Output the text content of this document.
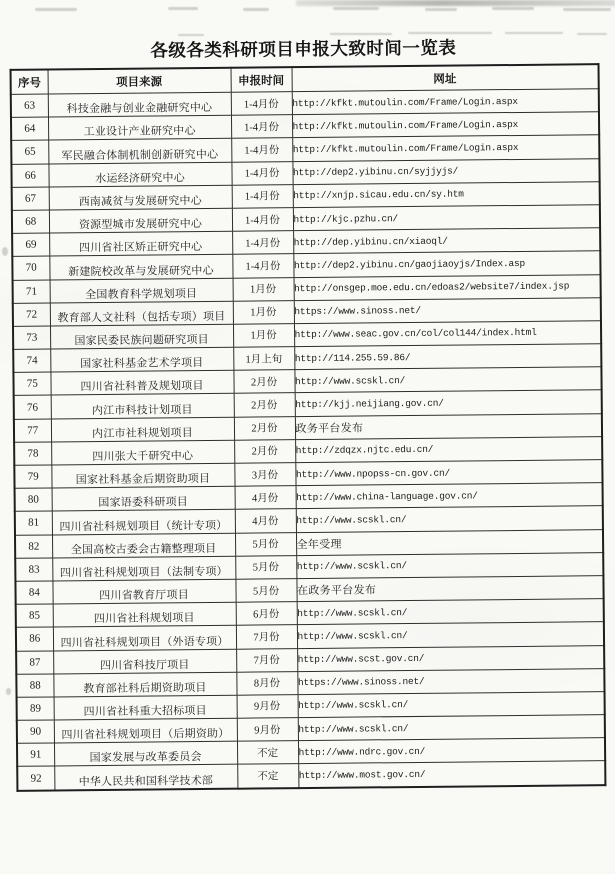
各级各类科研项目申报大致时间一览表
序号	项目来源	申报时间	网址
63	科技金融与创业金融研究中心	1-4月份	http://kfkt.mutoulin.com/Frame/Login.aspx
64	工业设计产业研究中心	1-4月份	http://kfkt.mutoulin.com/Frame/Login.aspx
65	军民融合体制机制创新研究中心	1-4月份	http://kfkt.mutoulin.com/Frame/Login.aspx
66	水运经济研究中心	1-4月份	http://dep2.yibinu.cn/syjjyjs/
67	西南减贫与发展研究中心	1-4月份	http://xnjp.sicau.edu.cn/sy.htm
68	资源型城市发展研究中心	1-4月份	http://kjc.pzhu.cn/
69	四川省社区矫正研究中心	1-4月份	http://dep.yibinu.cn/xiaoql/
70	新建院校改革与发展研究中心	1-4月份	http://dep2.yibinu.cn/gaojiaoyjs/Index.asp
71	全国教育科学规划项目	1月份	http://onsgep.moe.edu.cn/edoas2/website7/index.jsp
72	教育部人文社科（包括专项）项目	1月份	https://www.sinoss.net/
73	国家民委民族问题研究项目	1月份	http://www.seac.gov.cn/col/col144/index.html
74	国家社科基金艺术学项目	1月上旬	http://114.255.59.86/
75	四川省社科普及规划项目	2月份	http://www.scskl.cn/
76	内江市科技计划项目	2月份	http://kjj.neijiang.gov.cn/
77	内江市社科规划项目	2月份	政务平台发布
78	四川张大千研究中心	2月份	http://zdqzx.njtc.edu.cn/
79	国家社科基金后期资助项目	3月份	http://www.npopss-cn.gov.cn/
80	国家语委科研项目	4月份	http://www.china-language.gov.cn/
81	四川省社科规划项目（统计专项）	4月份	http://www.scskl.cn/
82	全国高校古委会古籍整理项目	5月份	全年受理
83	四川省社科规划项目（法制专项）	5月份	http://www.scskl.cn/
84	四川省教育厅项目	5月份	在政务平台发布
85	四川省社科规划项目	6月份	http://www.scskl.cn/
86	四川省社科规划项目（外语专项）	7月份	http://www.scskl.cn/
87	四川省科技厅项目	7月份	http://www.scst.gov.cn/
88	教育部社科后期资助项目	8月份	https://www.sinoss.net/
89	四川省社科重大招标项目	9月份	http://www.scskl.cn/
90	四川省社科规划项目（后期资助）	9月份	http://www.scskl.cn/
91	国家发展与改革委员会	不定	http://www.ndrc.gov.cn/
92	中华人民共和国科学技术部	不定	http://www.most.gov.cn/
